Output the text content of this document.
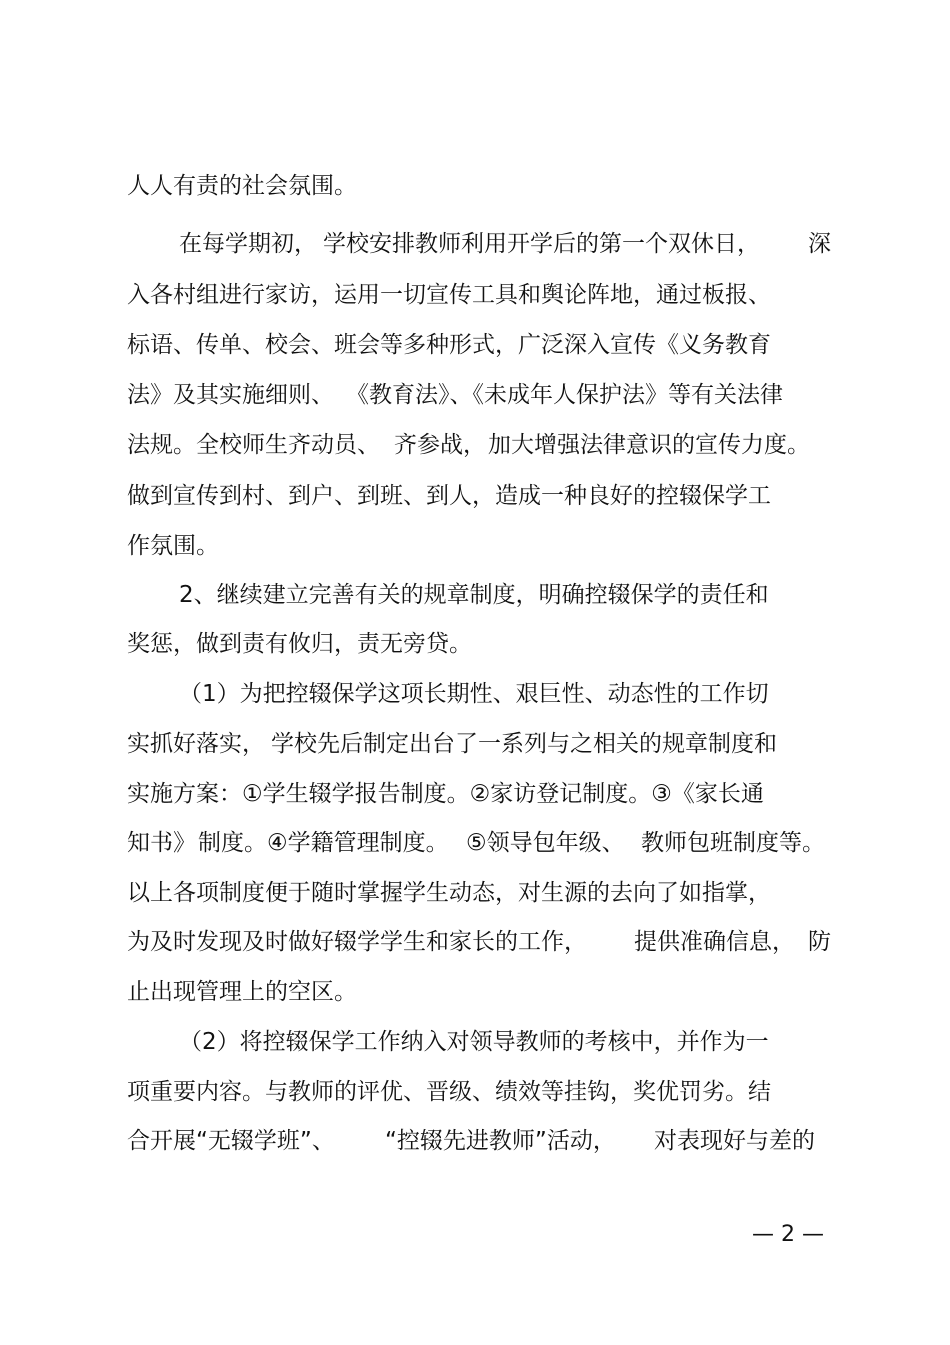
人人有责的社会氛围。

在每学期初，

学校安排教师利用开学后的第一个双休日，

深

入各村组进行家访，运用一切宣传工具和舆论阵地，通过板报、

标语、传单、校会、班会等多种形式，广泛深入宣传《义务教育

法》及其实施细则、

《教育法》、《未成年人保护法》等有关法律

法规。全校师生齐动员、

齐参战，

加大增强法律意识的宣传力度。

做到宣传到村、到户、到班、到人，造成一种良好的控辍保学工

作氛围。

2、继续建立完善有关的规章制度，明确控辍保学的责任和

奖惩，做到责有攸归，责无旁贷。

（1）为把控辍保学这项长期性、艰巨性、动态性的工作切

实抓好落实，

学校先后制定出台了一系列与之相关的规章制度和

实施方案：①学生辍学报告制度。②家访登记制度。③《家长通

知书》

制度。④学籍管理制度。

⑤领导包年级、

教师包班制度等。

以上各项制度便于随时掌握学生动态，对生源的去向了如指掌，

为及时发现及时做好辍学学生和家长的工作，

提供准确信息，

防

止出现管理上的空区。

（2）将控辍保学工作纳入对领导教师的考核中，并作为一

项重要内容。与教师的评优、晋级、绩效等挂钩，奖优罚劣。结

合开展“无辍学班”、

“控辍先进教师”活动，

对表现好与差的

— 2 —
